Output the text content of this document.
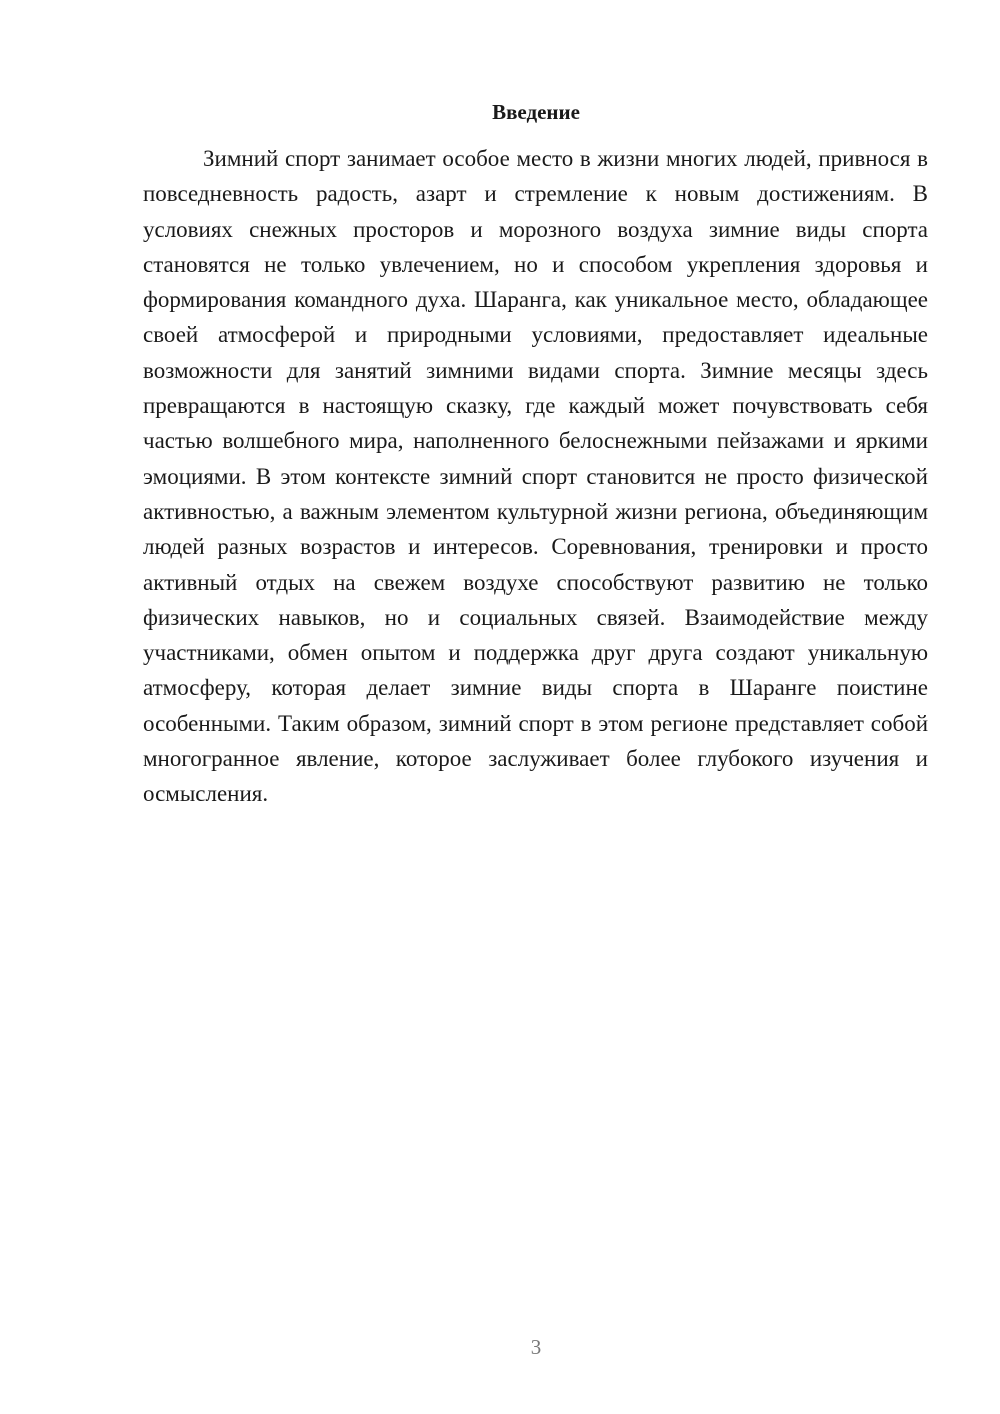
Введение

Зимний спорт занимает особое место в жизни многих людей, привнося в повседневность радость, азарт и стремление к новым достижениям. В условиях снежных просторов и морозного воздуха зимние виды спорта становятся не только увлечением, но и способом укрепления здоровья и формирования командного духа. Шаранга, как уникальное место, обладающее своей атмосферой и природными условиями, предоставляет идеальные возможности для занятий зимними видами спорта. Зимние месяцы здесь превращаются в настоящую сказку, где каждый может почувствовать себя частью волшебного мира, наполненного белоснежными пейзажами и яркими эмоциями. В этом контексте зимний спорт становится не просто физической активностью, а важным элементом культурной жизни региона, объединяющим людей разных возрастов и интересов. Соревнования, тренировки и просто активный отдых на свежем воздухе способствуют развитию не только физических навыков, но и социальных связей. Взаимодействие между участниками, обмен опытом и поддержка друг друга создают уникальную атмосферу, которая делает зимние виды спорта в Шаранге поистине особенными. Таким образом, зимний спорт в этом регионе представляет собой многогранное явление, которое заслуживает более глубокого изучения и осмысления.

3
